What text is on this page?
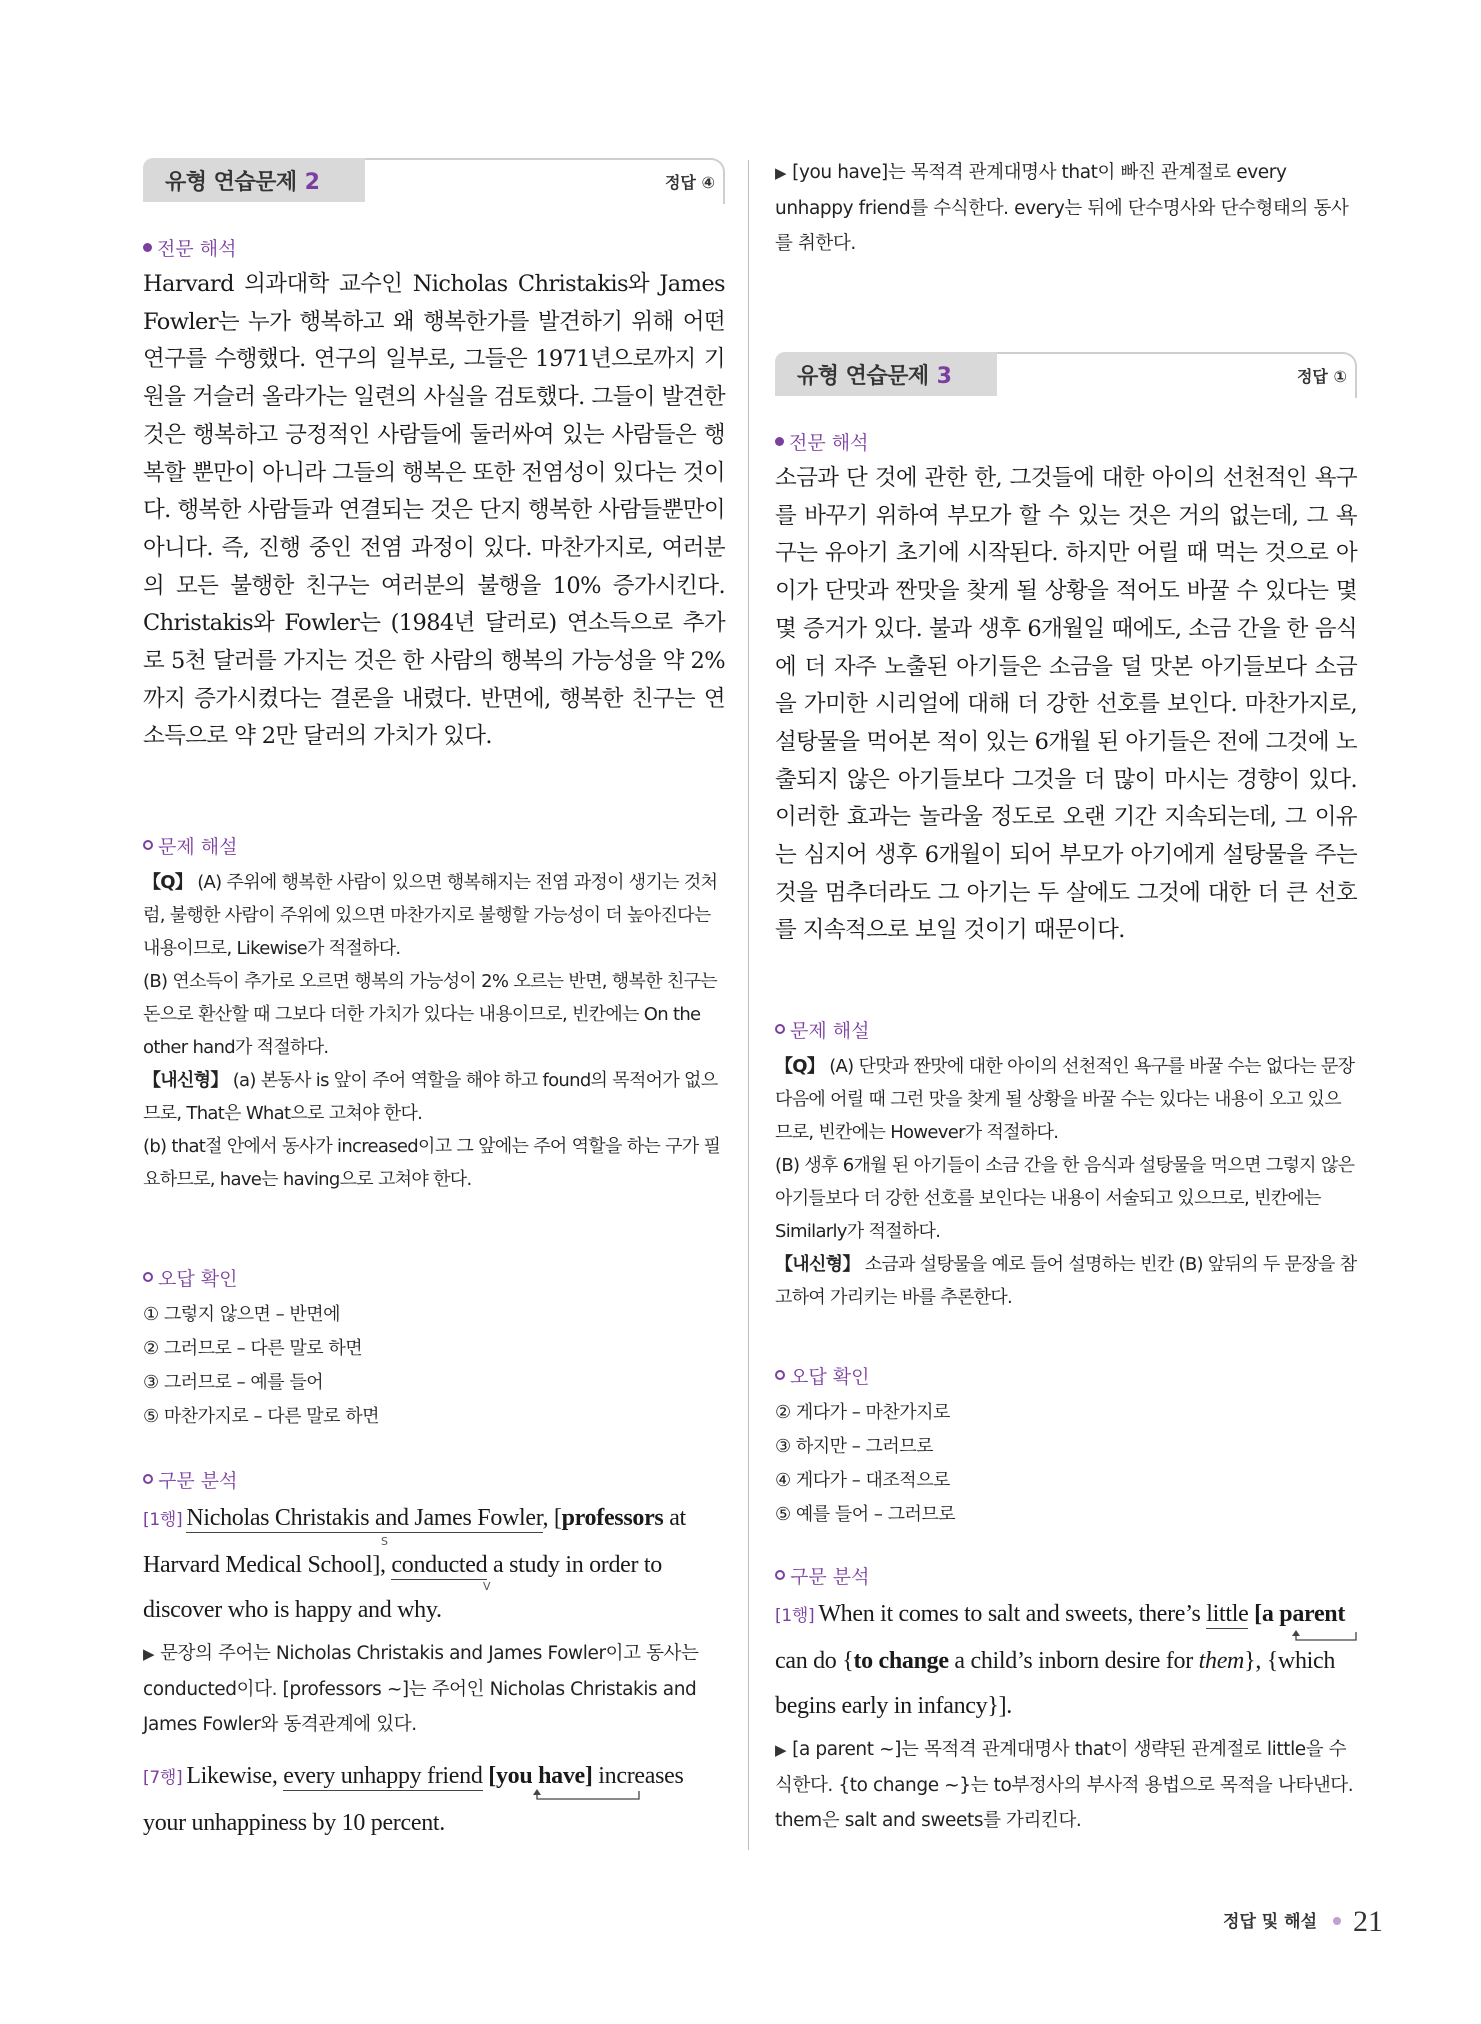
유형 연습문제 2	정답 ④
전문 해석
Harvard 의과대학 교수인 Nicholas Christakis와 James Fowler는 누가 행복하고 왜 행복한가를 발견하기 위해 어떤 연구를 수행했다. 연구의 일부로, 그들은 1971년으로까지 기원을 거슬러 올라가는 일련의 사실을 검토했다. 그들이 발견한 것은 행복하고 긍정적인 사람들에 둘러싸여 있는 사람들은 행복할 뿐만이 아니라 그들의 행복은 또한 전염성이 있다는 것이다. 행복한 사람들과 연결되는 것은 단지 행복한 사람들뿐만이 아니다. 즉, 진행 중인 전염 과정이 있다. 마찬가지로, 여러분의 모든 불행한 친구는 여러분의 불행을 10% 증가시킨다. Christakis와 Fowler는 (1984년 달러로) 연소득으로 추가로 5천 달러를 가지는 것은 한 사람의 행복의 가능성을 약 2%까지 증가시켰다는 결론을 내렸다. 반면에, 행복한 친구는 연소득으로 약 2만 달러의 가치가 있다.
문제 해설

【Q】 (A) 주위에 행복한 사람이 있으면 행복해지는 전염 과정이 생기는 것처럼, 불행한 사람이 주위에 있으면 마찬가지로 불행할 가능성이 더 높아진다는 내용이므로, Likewise가 적절하다.

(B) 연소득이 추가로 오르면 행복의 가능성이 2% 오르는 반면, 행복한 친구는 돈으로 환산할 때 그보다 더한 가치가 있다는 내용이므로, 빈칸에는 On the other hand가 적절하다.

【내신형】 (a) 본동사 is 앞이 주어 역할을 해야 하고 found의 목적어가 없으므로, That은 What으로 고쳐야 한다.

(b) that절 안에서 동사가 increased이고 그 앞에는 주어 역할을 하는 구가 필요하므로, have는 having으로 고쳐야 한다.

오답 확인
① 그렇지 않으면 – 반면에
② 그러므로 – 다른 말로 하면
③ 그러므로 – 예를 들어
⑤ 마찬가지로 – 다른 말로 하면
구문 분석
[1행] Nicholas Christakis and James Fowler, [professors at Harvard Medical School], conducted a study in order to discover who is happy and why.
S
V

▶ 문장의 주어는 Nicholas Christakis and James Fowler이고 동사는 conducted이다. [professors ~]는 주어인 Nicholas Christakis and James Fowler와 동격관계에 있다.

[7행] Likewise, every unhappy friend [you have] increases your unhappiness by 10 percent.

▶ [you have]는 목적격 관계대명사 that이 빠진 관계절로 every unhappy friend를 수식한다. every는 뒤에 단수명사와 단수형태의 동사를 취한다.

유형 연습문제 3	정답 ①
전문 해석
소금과 단 것에 관한 한, 그것들에 대한 아이의 선천적인 욕구를 바꾸기 위하여 부모가 할 수 있는 것은 거의 없는데, 그 욕구는 유아기 초기에 시작된다. 하지만 어릴 때 먹는 것으로 아이가 단맛과 짠맛을 찾게 될 상황을 적어도 바꿀 수 있다는 몇몇 증거가 있다. 불과 생후 6개월일 때에도, 소금 간을 한 음식에 더 자주 노출된 아기들은 소금을 덜 맛본 아기들보다 소금을 가미한 시리얼에 대해 더 강한 선호를 보인다. 마찬가지로, 설탕물을 먹어본 적이 있는 6개월 된 아기들은 전에 그것에 노출되지 않은 아기들보다 그것을 더 많이 마시는 경향이 있다. 이러한 효과는 놀라울 정도로 오랜 기간 지속되는데, 그 이유는 심지어 생후 6개월이 되어 부모가 아기에게 설탕물을 주는 것을 멈추더라도 그 아기는 두 살에도 그것에 대한 더 큰 선호를 지속적으로 보일 것이기 때문이다.
문제 해설

【Q】 (A) 단맛과 짠맛에 대한 아이의 선천적인 욕구를 바꿀 수는 없다는 문장 다음에 어릴 때 그런 맛을 찾게 될 상황을 바꿀 수는 있다는 내용이 오고 있으므로, 빈칸에는 However가 적절하다.

(B) 생후 6개월 된 아기들이 소금 간을 한 음식과 설탕물을 먹으면 그렇지 않은 아기들보다 더 강한 선호를 보인다는 내용이 서술되고 있으므로, 빈칸에는 Similarly가 적절하다.

【내신형】 소금과 설탕물을 예로 들어 설명하는 빈칸 (B) 앞뒤의 두 문장을 참고하여 가리키는 바를 추론한다.

오답 확인
② 게다가 – 마찬가지로
③ 하지만 – 그러므로
④ 게다가 – 대조적으로
⑤ 예를 들어 – 그러므로
구문 분석
[1행] When it comes to salt and sweets, there’s little [a parent can do {to change a child’s inborn desire for them}, {which begins early in infancy}].

▶ [a parent ~]는 목적격 관계대명사 that이 생략된 관계절로 little을 수식한다. {to change ~}는 to부정사의 부사적 용법으로 목적을 나타낸다. them은 salt and sweets를 가리킨다.

정답 및 해설 21
